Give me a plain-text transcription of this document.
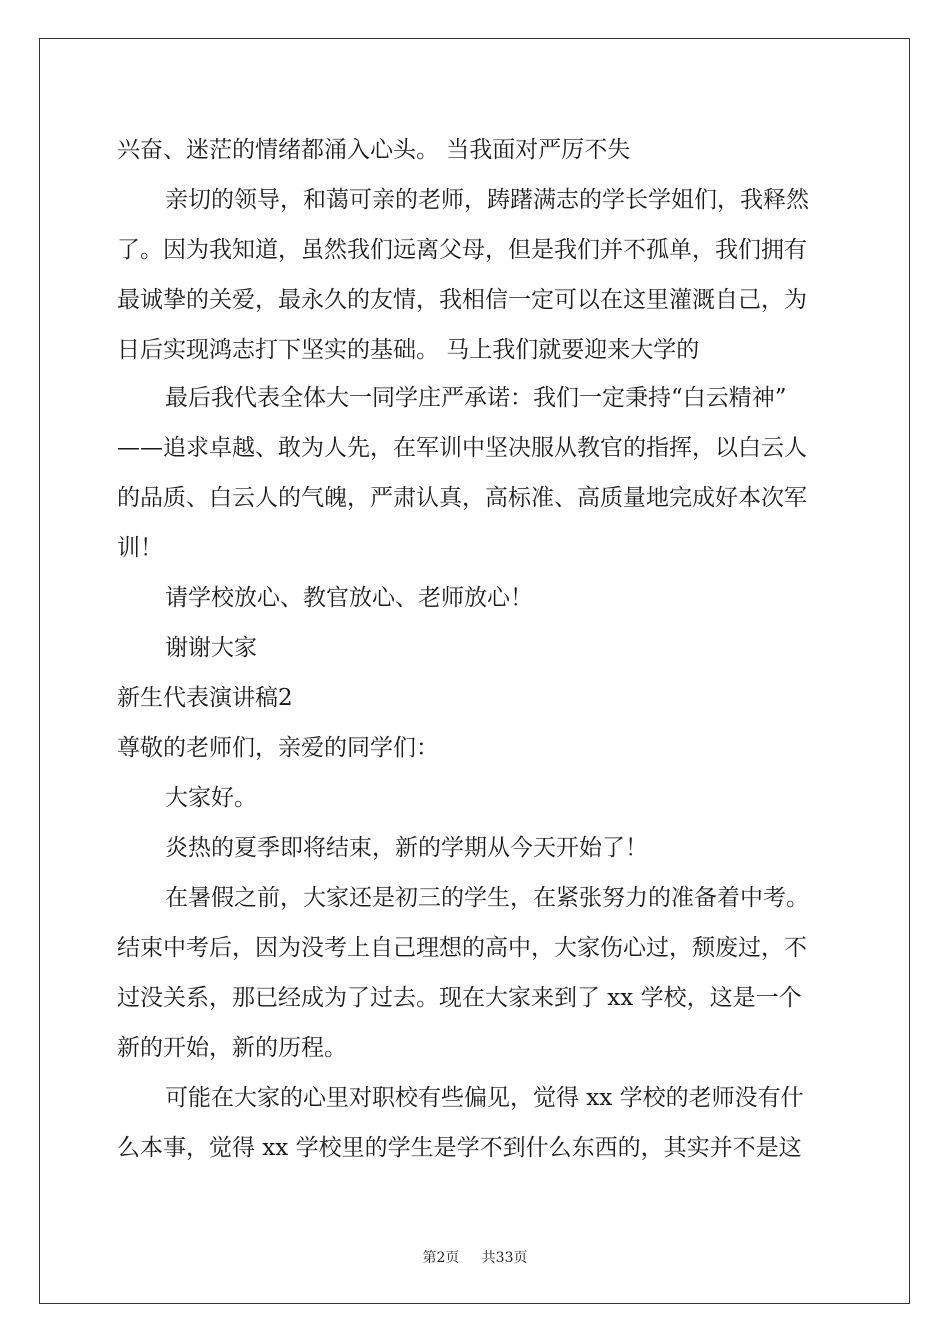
兴奋、迷茫的情绪都涌入心头。 当我面对严厉不失
亲切的领导，和蔼可亲的老师，踌躇满志的学长学姐们，我释然
了。因为我知道，虽然我们远离父母，但是我们并不孤单，我们拥有
最诚挚的关爱，最永久的友情，我相信一定可以在这里灌溉自己，为
日后实现鸿志打下坚实的基础。 马上我们就要迎来大学的
最后我代表全体大一同学庄严承诺：我们一定秉持“白云精神”
——追求卓越、敢为人先，在军训中坚决服从教官的指挥，以白云人
的品质、白云人的气魄，严肃认真，高标准、高质量地完成好本次军
训！
请学校放心、教官放心、老师放心！
谢谢大家
新生代表演讲稿2
尊敬的老师们，亲爱的同学们：
大家好。
炎热的夏季即将结束，新的学期从今天开始了！
在暑假之前，大家还是初三的学生，在紧张努力的准备着中考。
结束中考后，因为没考上自己理想的高中，大家伤心过，颓废过，不
过没关系，那已经成为了过去。现在大家来到了 xx 学校，这是一个
新的开始，新的历程。
可能在大家的心里对职校有些偏见，觉得 xx 学校的老师没有什
么本事，觉得 xx 学校里的学生是学不到什么东西的，其实并不是这
第2页 共33页
